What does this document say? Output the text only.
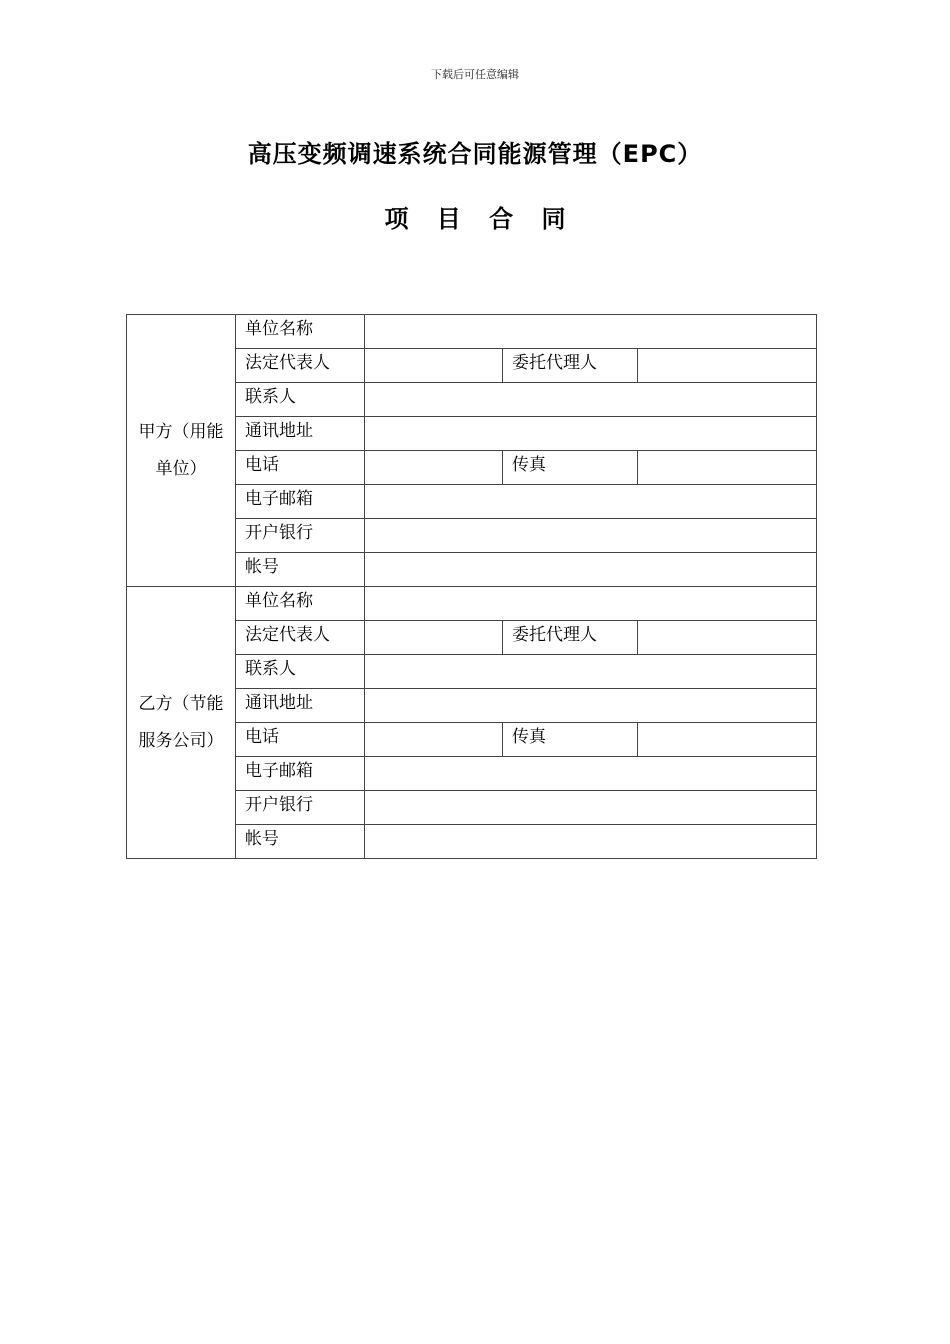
下载后可任意编辑
高压变频调速系统合同能源管理（EPC）
项 目 合 同
甲方（用能单位）	单位名称			
	法定代表人		委托代理人	
	联系人			
	通讯地址			
	电话		传真	
	电子邮箱			
	开户银行			
	帐号			
乙方（节能服务公司）	单位名称			
	法定代表人		委托代理人	
	联系人			
	通讯地址			
	电话		传真	
	电子邮箱			
	开户银行			
	帐号			
